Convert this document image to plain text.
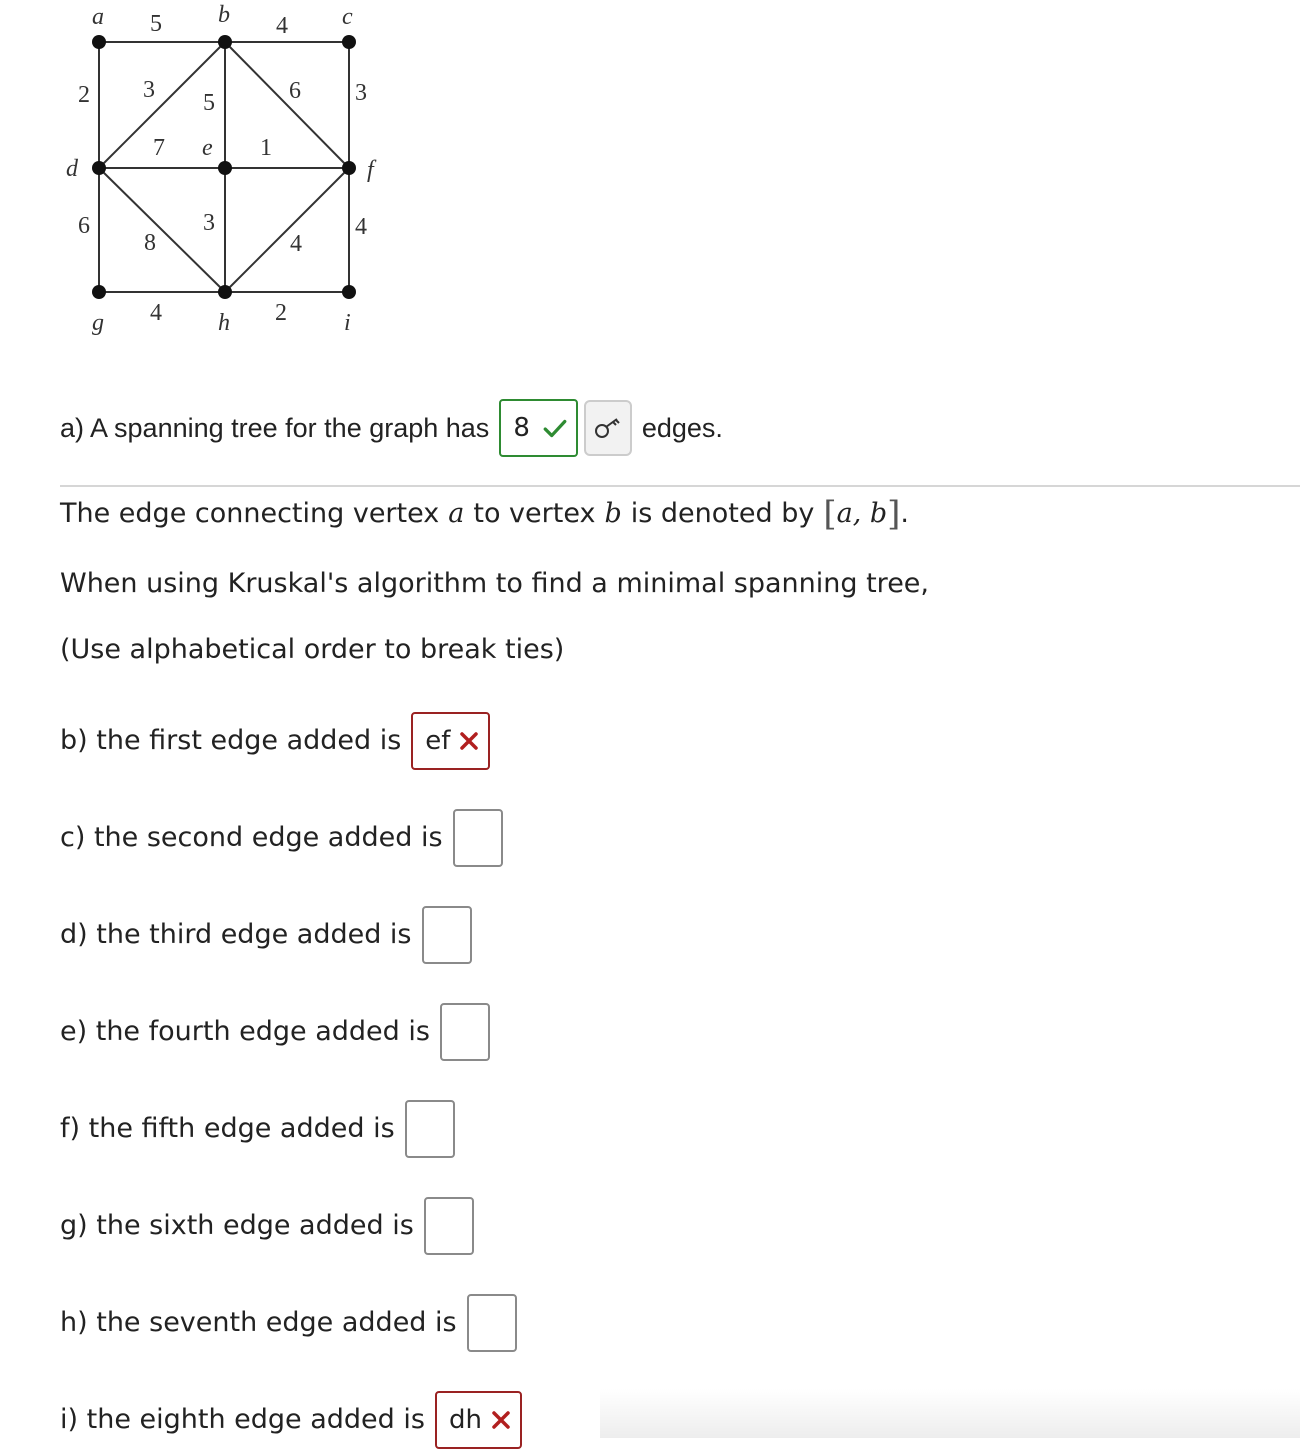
a	b	c
d
e
f
g	h	i
5	4
2	3
3 5	6
7	1
6	4
8
3
4
4	2
a) A spanning tree for the graph has 8	edges.
The edge connecting vertex a to vertex b is denoted by [ a, b ] .
When using Kruskal's algorithm to find a minimal spanning tree,
(Use alphabetical order to break ties)
b) the first edge added is ef
c) the second edge added is
d) the third edge added is
e) the fourth edge added is
f) the fifth edge added is
g) the sixth edge added is
h) the seventh edge added is
i) the eighth edge added is dh
